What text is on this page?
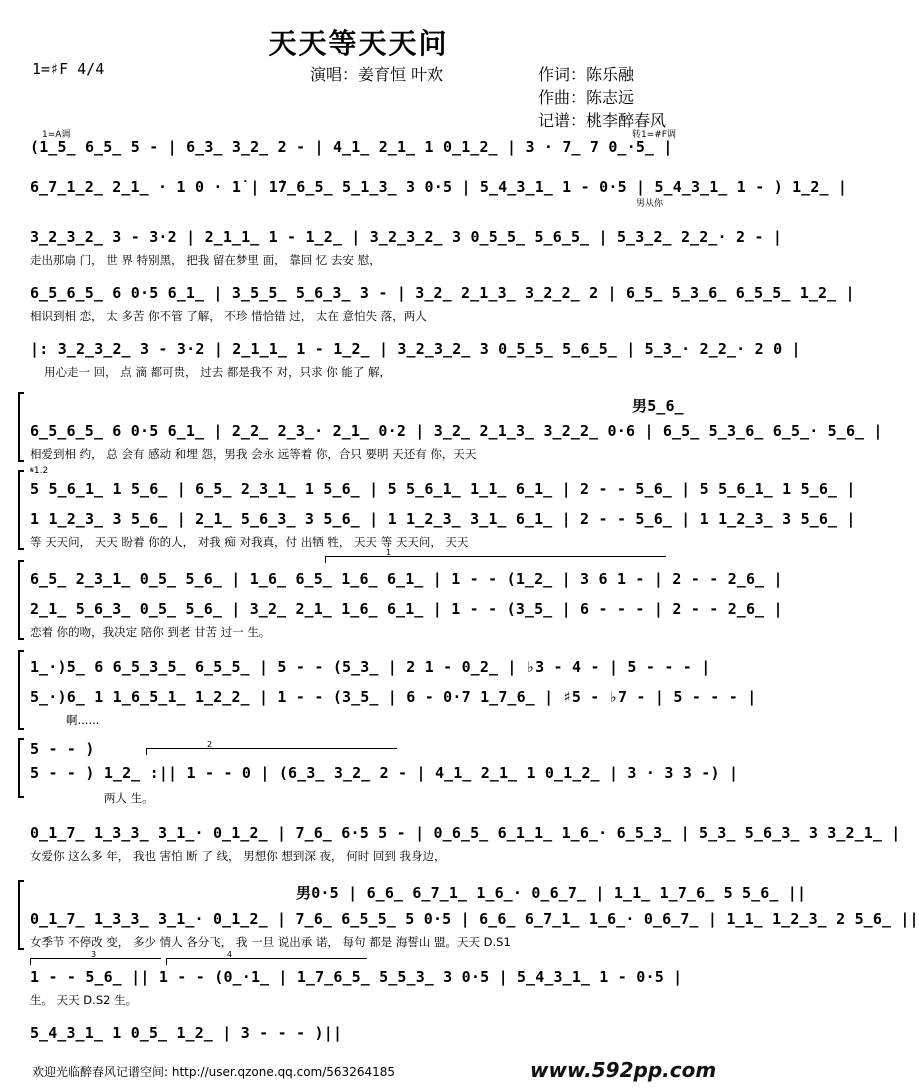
天天等天天问
1=♯F 4/4	演唱：姜育恒 叶欢	作词：陈乐融
作曲：陈志远
记谱：桃李醉春风
1=A调	转1=#F调
(1̲5̲ 6̲5̲ 5 - | 6̲3̲ 3̲2̲ 2 - | 4̲1̲ 2̲1̲ 1 0̲1̲2̲ | 3 · 7̲ 7 0̲·5̲ |
6̲7̲1̲2̲ 2̲1̲ · 1 0 · 1̇ | 1̇7̲6̲5̲ 5̲1̲3̲ 3 0·5 | 5̲4̲3̲1̲ 1 - 0·5 | 5̲4̲3̲1̲ 1 - ) 1̲2̲ |
男从你
3̲2̲3̲2̲ 3 - 3·2 | 2̲1̲1̲ 1 - 1̲2̲ | 3̲2̲3̲2̲ 3 0̲5̲5̲ 5̲6̲5̲ | 5̲3̲2̲ 2̲2̲· 2 - |
走出那扇 门， 世 界 特别黑， 把我 留在梦里 面， 靠回 忆 去安 慰，
6̲5̲6̲5̲ 6 0·5 6̲1̲ | 3̲5̲5̲ 5̲6̲3̲ 3 - | 3̲2̲ 2̲1̲3̲ 3̲2̲2̲ 2 | 6̲5̲ 5̲3̲6̲ 6̲5̲5̲ 1̲2̲ |
相识到相 恋， 太 多苦 你不管 了解， 不珍 惜恰错 过， 太在 意怕失 落，两人
|: 3̲2̲3̲2̲ 3 - 3·2 | 2̲1̲1̲ 1 - 1̲2̲ | 3̲2̲3̲2̲ 3 0̲5̲5̲ 5̲6̲5̲ | 5̲3̲· 2̲2̲· 2 0 |
用心走一 回， 点 滴 都可贵， 过去 都是我不 对，只求 你 能了 解，
男5̲6̲
6̲5̲6̲5̲ 6 0·5 6̲1̲ | 2̲2̲ 2̲3̲· 2̲1̲ 0·2 | 3̲2̲ 2̲1̲3̲ 3̲2̲2̲ 0·6 | 6̲5̲ 5̲3̲6̲ 6̲5̲· 5̲6̲ |
相爱到相 约， 总 会有 感动 和埋 怨，男我 会永 远等着 你，合只 要明 天还有 你，天天
𝄋1.2
5 5̲6̲1̲ 1 5̲6̲ | 6̲5̲ 2̲3̲1̲ 1 5̲6̲ | 5 5̲6̲1̲ 1̲1̲ 6̲1̲ | 2 - - 5̲6̲ | 5 5̲6̲1̲ 1 5̲6̲ |
1 1̲2̲3̲ 3 5̲6̲ | 2̲1̲ 5̲6̲3̲ 3 5̲6̲ | 1 1̲2̲3̲ 3̲1̲ 6̲1̲ | 2 - - 5̲6̲ | 1 1̲2̲3̲ 3 5̲6̲ |
等 天天问， 天天 盼着 你的人， 对我 痴 对我真，付 出牺 牲， 天天 等 天天问， 天天
1
6̲5̲ 2̲3̲1̲ 0̲5̲ 5̲6̲ | 1̲6̲ 6̲5̲ 1̲6̲ 6̲1̲ | 1 - - (1̲2̲ | 3 6 1 - | 2 - - 2̲6̲ |
2̲1̲ 5̲6̲3̲ 0̲5̲ 5̲6̲ | 3̲2̲ 2̲1̲ 1̲6̲ 6̲1̲ | 1 - - (3̲5̲ | 6 - - - | 2 - - 2̲6̲ |
恋着 你的吻，我决定 陪你 到老 甘苦 过一 生。
1̲·)5̲ 6 6̲5̲3̲5̲ 6̲5̲5̲ | 5 - - (5̲3̲ | 2 1 - 0̲2̲ | ♭3 - 4 - | 5 - - - |
5̲·)6̲ 1 1̲6̲5̲1̲ 1̲2̲2̲ | 1 - - (3̲5̲ | 6 - 0·7 1̲7̲6̲ | ♯5 - ♭7 - | 5 - - - |
啊......
2
5 - - )
5 - - ) 1̲2̲ :|| 1 - - 0 | (6̲3̲ 3̲2̲ 2 - | 4̲1̲ 2̲1̲ 1 0̲1̲2̲ | 3 · 3 3 -) |
两人 生。
0̲1̲7̲ 1̲3̲3̲ 3̲1̲· 0̲1̲2̲ | 7̲6̲ 6·5 5 - | 0̲6̲5̲ 6̲1̲1̲ 1̲6̲· 6̲5̲3̲ | 5̲3̲ 5̲6̲3̲ 3 3̲2̲1̲ |
女爱你 这么多 年， 我也 害怕 断 了 线， 男想你 想到深 夜， 何时 回到 我身边，
男0·5 | 6̲6̲ 6̲7̲1̲ 1̲6̲· 0̲6̲7̲ | 1̲1̲ 1̲7̲6̲ 5 5̲6̲ ||
0̲1̲7̲ 1̲3̲3̲ 3̲1̲· 0̲1̲2̲ | 7̲6̲ 6̲5̲5̲ 5 0·5 | 6̲6̲ 6̲7̲1̲ 1̲6̲· 0̲6̲7̲ | 1̲1̲ 1̲2̲3̲ 2 5̲6̲ ||
女季节 不停改 变， 多少 情人 各分飞， 我 一旦 说出承 诺， 每句 都是 海誓山 盟。天天 D.S1
3	4
1 - - 5̲6̲ || 1 - - (0̲·1̲ | 1̲7̲6̲5̲ 5̲5̲3̲ 3 0·5 | 5̲4̲3̲1̲ 1 - 0·5 |
生。 天天 D.S2 生。
5̲4̲3̲1̲ 1 0̲5̲ 1̲2̲ | 3 - - - )||
欢迎光临醉春风记谱空间: http://user.qzone.qq.com/563264185	www.592pp.com
